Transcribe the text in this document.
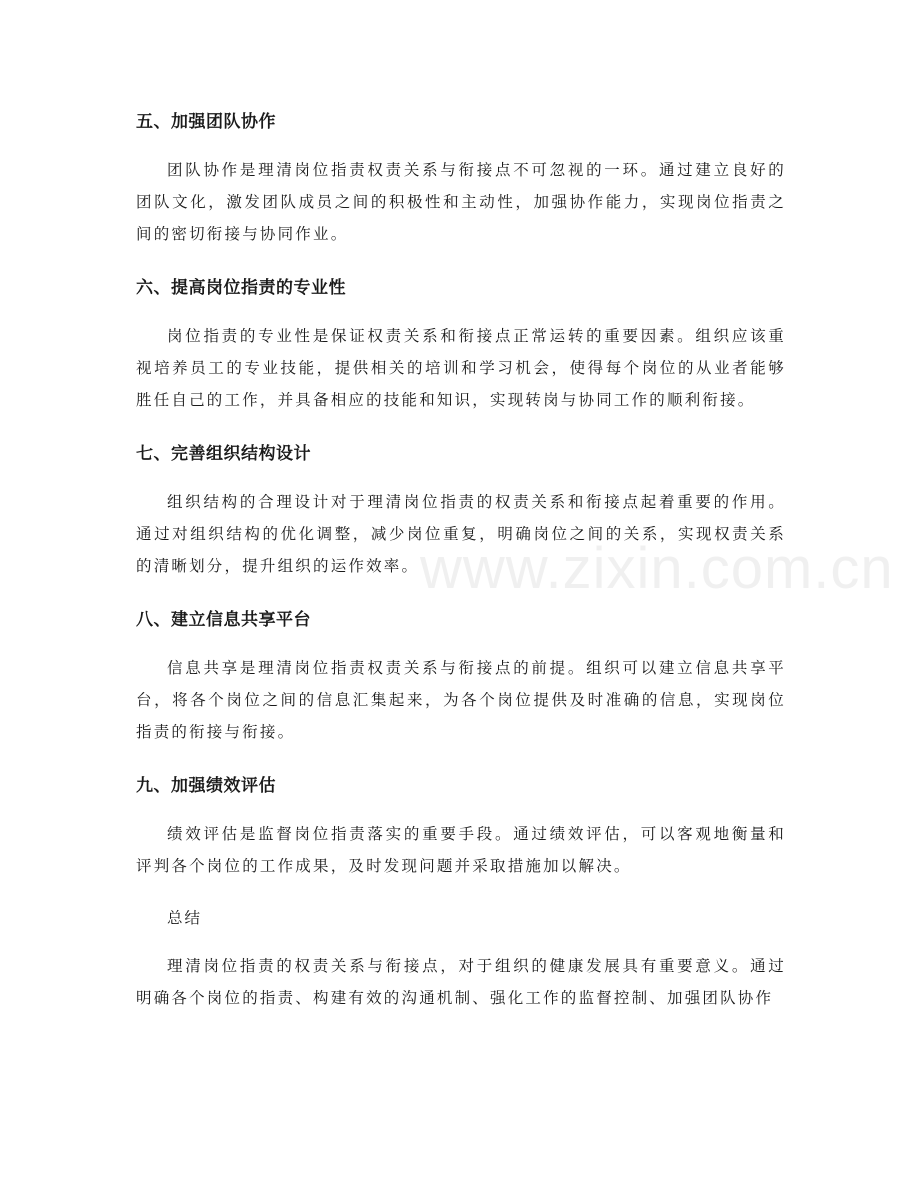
五、加强团队协作

团队协作是理清岗位指责权责关系与衔接点不可忽视的一环。通过建立良好的团队文化，激发团队成员之间的积极性和主动性，加强协作能力，实现岗位指责之间的密切衔接与协同作业。

六、提高岗位指责的专业性

岗位指责的专业性是保证权责关系和衔接点正常运转的重要因素。组织应该重视培养员工的专业技能，提供相关的培训和学习机会，使得每个岗位的从业者能够胜任自己的工作，并具备相应的技能和知识，实现转岗与协同工作的顺利衔接。

七、完善组织结构设计

组织结构的合理设计对于理清岗位指责的权责关系和衔接点起着重要的作用。通过对组织结构的优化调整，减少岗位重复，明确岗位之间的关系，实现权责关系的清晰划分，提升组织的运作效率。

八、建立信息共享平台

信息共享是理清岗位指责权责关系与衔接点的前提。组织可以建立信息共享平台，将各个岗位之间的信息汇集起来，为各个岗位提供及时准确的信息，实现岗位指责的衔接与衔接。

九、加强绩效评估

绩效评估是监督岗位指责落实的重要手段。通过绩效评估，可以客观地衡量和评判各个岗位的工作成果，及时发现问题并采取措施加以解决。

总结

理清岗位指责的权责关系与衔接点，对于组织的健康发展具有重要意义。通过明确各个岗位的指责、构建有效的沟通机制、强化工作的监督控制、加强团队协作

www.zixin.com.cn
